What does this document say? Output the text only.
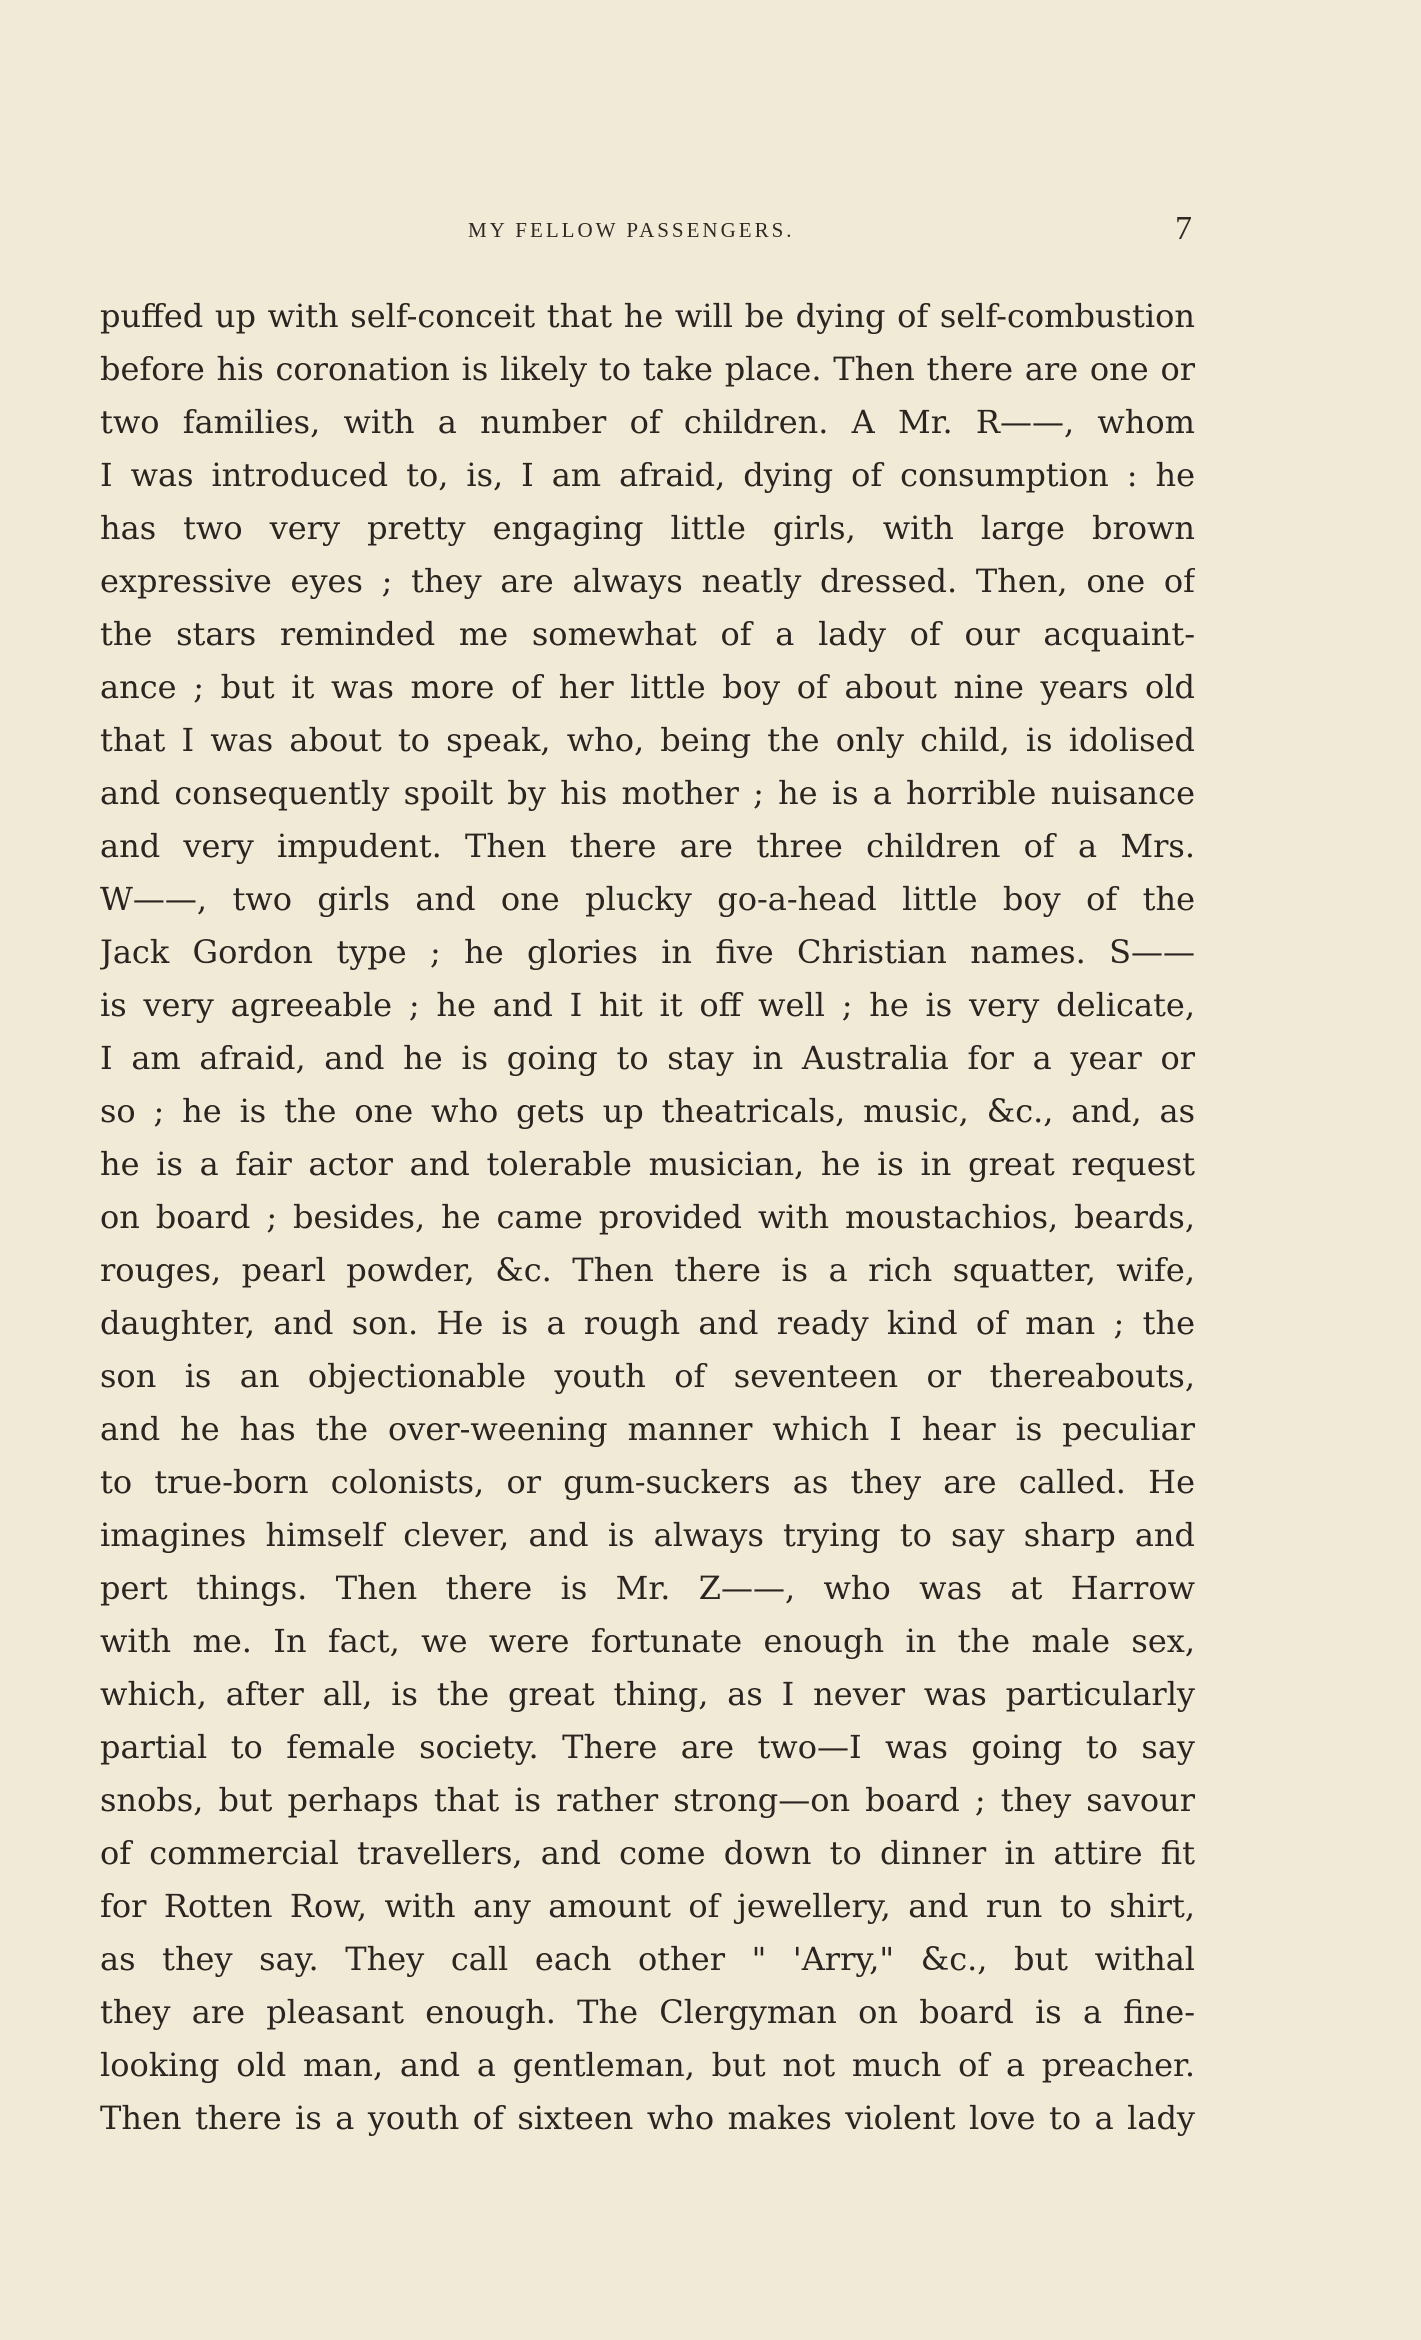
MY FELLOW PASSENGERS.	7
puffed up with self-conceit that he will be dying of self-combustion
before his coronation is likely to take place. Then there are one or
two families, with a number of children. A Mr. R——, whom
I was introduced to, is, I am afraid, dying of consumption : he
has two very pretty engaging little girls, with large brown
expressive eyes ; they are always neatly dressed. Then, one of
the stars reminded me somewhat of a lady of our acquaint-
ance ; but it was more of her little boy of about nine years old
that I was about to speak, who, being the only child, is idolised
and consequently spoilt by his mother ; he is a horrible nuisance
and very impudent. Then there are three children of a Mrs.
W——, two girls and one plucky go-a-head little boy of the
Jack Gordon type ; he glories in five Christian names. S——
is very agreeable ; he and I hit it off well ; he is very delicate,
I am afraid, and he is going to stay in Australia for a year or
so ; he is the one who gets up theatricals, music, &c., and, as
he is a fair actor and tolerable musician, he is in great request
on board ; besides, he came provided with moustachios, beards,
rouges, pearl powder, &c. Then there is a rich squatter, wife,
daughter, and son. He is a rough and ready kind of man ; the
son is an objectionable youth of seventeen or thereabouts,
and he has the over-weening manner which I hear is peculiar
to true-born colonists, or gum-suckers as they are called. He
imagines himself clever, and is always trying to say sharp and
pert things. Then there is Mr. Z——, who was at Harrow
with me. In fact, we were fortunate enough in the male sex,
which, after all, is the great thing, as I never was particularly
partial to female society. There are two—I was going to say
snobs, but perhaps that is rather strong—on board ; they savour
of commercial travellers, and come down to dinner in attire fit
for Rotten Row, with any amount of jewellery, and run to shirt,
as they say. They call each other " 'Arry," &c., but withal
they are pleasant enough. The Clergyman on board is a fine-
looking old man, and a gentleman, but not much of a preacher.
Then there is a youth of sixteen who makes violent love to a lady
